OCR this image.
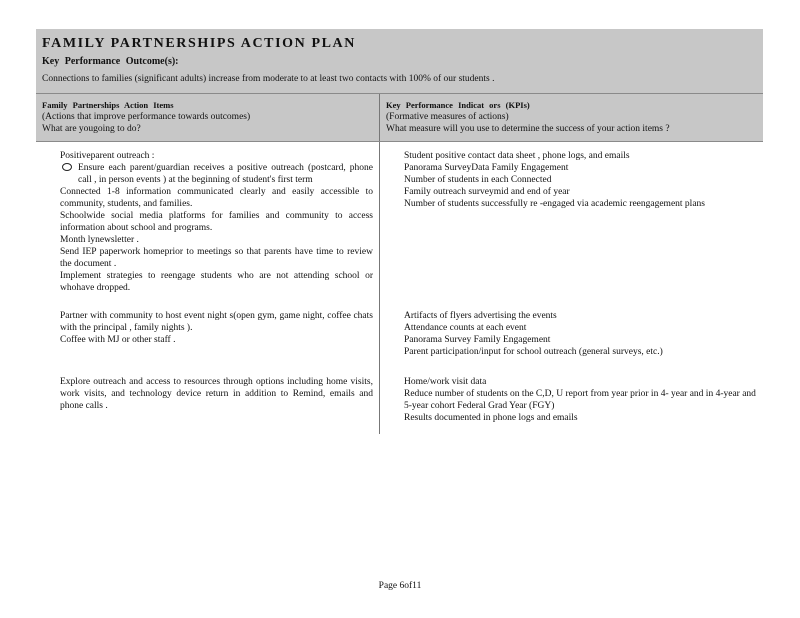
FAMILY PARTNERSHIPS ACTION PLAN
Key Performance Outcome(s):
Connections to families (significant adults) increase from moderate to at least two contacts with 100% of our students .
Family Partnerships Action Items
(Actions that improve performance towards outcomes)
What are yougoing to do?
Key Performance Indicat ors (KPIs)
(Formative measures of actions)
What measure will you use to determine the success of your action items ?
Positiveparent outreach :
Ensure each parent/guardian receives a positive outreach (postcard, phone call , in person events ) at the beginning of student's first term
Connected 1-8 information communicated clearly and easily accessible to community, students, and families.
Schoolwide social media platforms for families and community to access information about school and programs.
Month lynewsletter .
Send IEP paperwork homeprior to meetings so that parents have time to review the document .
Implement strategies to reengage students who are not attending school or whohave dropped.
Student positive contact data sheet , phone logs, and emails
Panorama SurveyData Family Engagement
Number of students in each Connected
Family outreach surveymid and end of year
Number of students successfully re -engaged via academic reengagement plans
Partner with community to host event night s(open gym, game night, coffee chats with the principal , family nights ).
Coffee with MJ or other staff .
Artifacts of flyers advertising the events
Attendance counts at each event
Panorama Survey Family Engagement
Parent participation/input for school outreach (general surveys, etc.)
Explore outreach and access to resources through options including home visits, work visits, and technology device return in addition to Remind, emails and phone calls .
Home/work visit data
Reduce number of students on the C,D, U report from year prior in 4- year and in 4-year and 5-year cohort Federal Grad Year (FGY)
Results documented in phone logs and emails
Page 6of11
